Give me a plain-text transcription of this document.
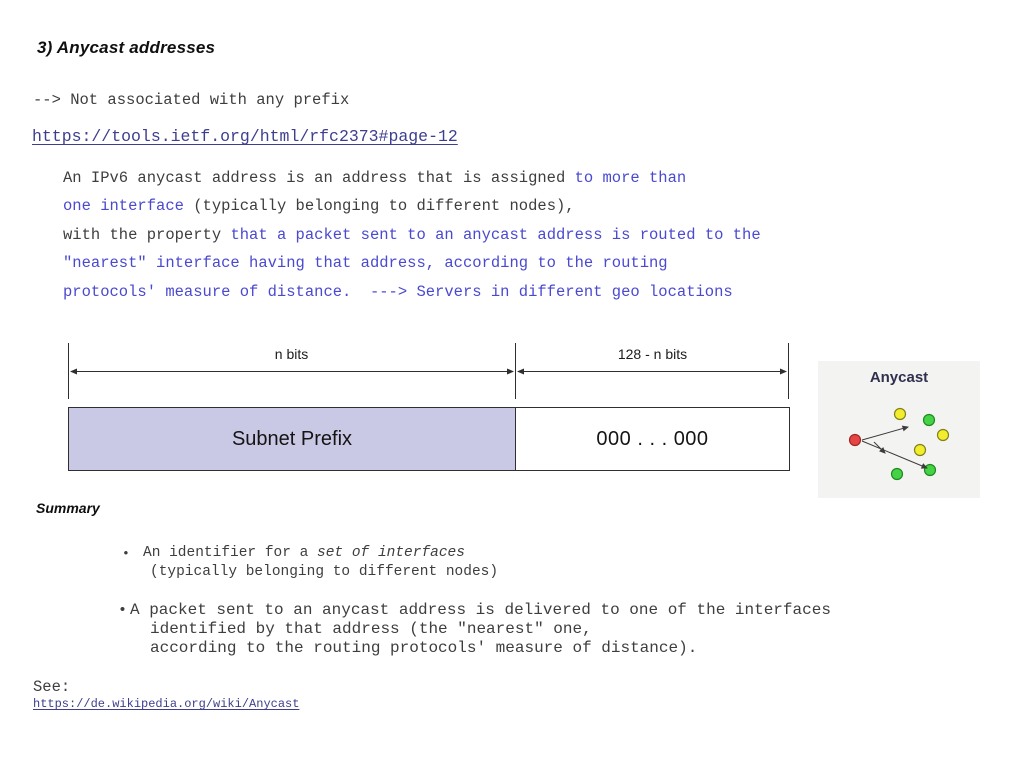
3) Anycast addresses
--> Not associated with any prefix
https://tools.ietf.org/html/rfc2373#page-12
An IPv6 anycast address is an address that is assigned to more than
one interface (typically belonging to different nodes),
with the property that a packet sent to an anycast address is routed to the
"nearest" interface having that address, according to the routing
protocols' measure of distance.  ---> Servers in different geo locations
n bits	128 - n bits
Subnet Prefix	000 . . . 000
Anycast
Summary
• An identifier for a set of interfaces
(typically belonging to different nodes)
• A packet sent to an anycast address is delivered to one of the interfaces
identified by that address (the "nearest" one,
according to the routing protocols' measure of distance).
See:
https://de.wikipedia.org/wiki/Anycast
